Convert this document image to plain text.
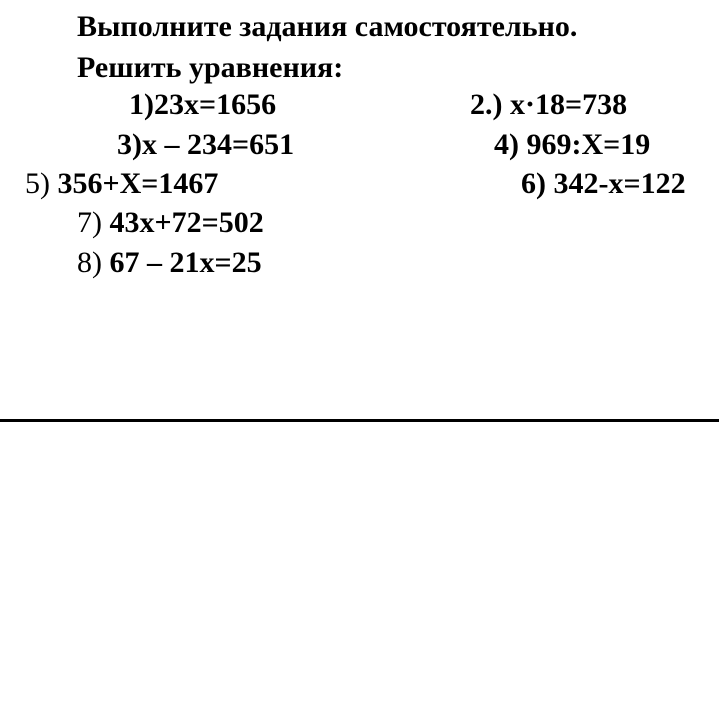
Выполните задания самостоятельно.
Решить уравнения:
1)23x=1656	2.) x·18=738
3)x – 234=651	4) 969:X=19
5) 356+X=1467	6) 342-x=122
7) 43x+72=502
8) 67 – 21x=25
